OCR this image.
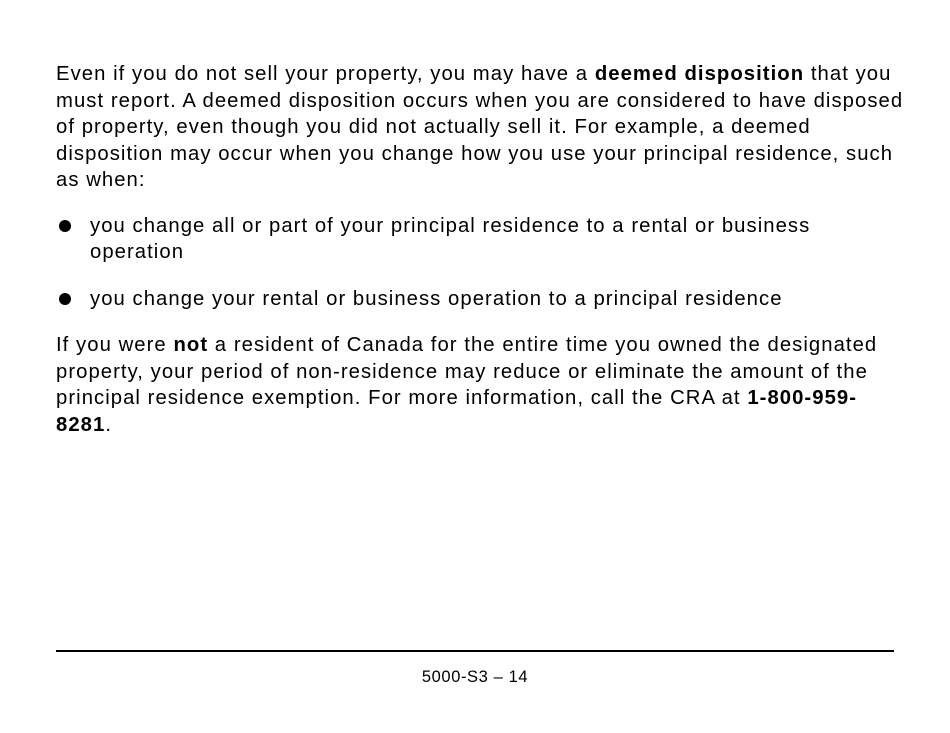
Even if you do not sell your property, you may have a deemed disposition that you must report. A deemed disposition occurs when you are considered to have disposed of property, even though you did not actually sell it. For example, a deemed disposition may occur when you change how you use your principal residence, such as when:

you change all or part of your principal residence to a rental or business operation
you change your rental or business operation to a principal residence

If you were not a resident of Canada for the entire time you owned the designated property, your period of non-residence may reduce or eliminate the amount of the principal residence exemption. For more information, call the CRA at 1-800-959-8281.

5000-S3 – 14
